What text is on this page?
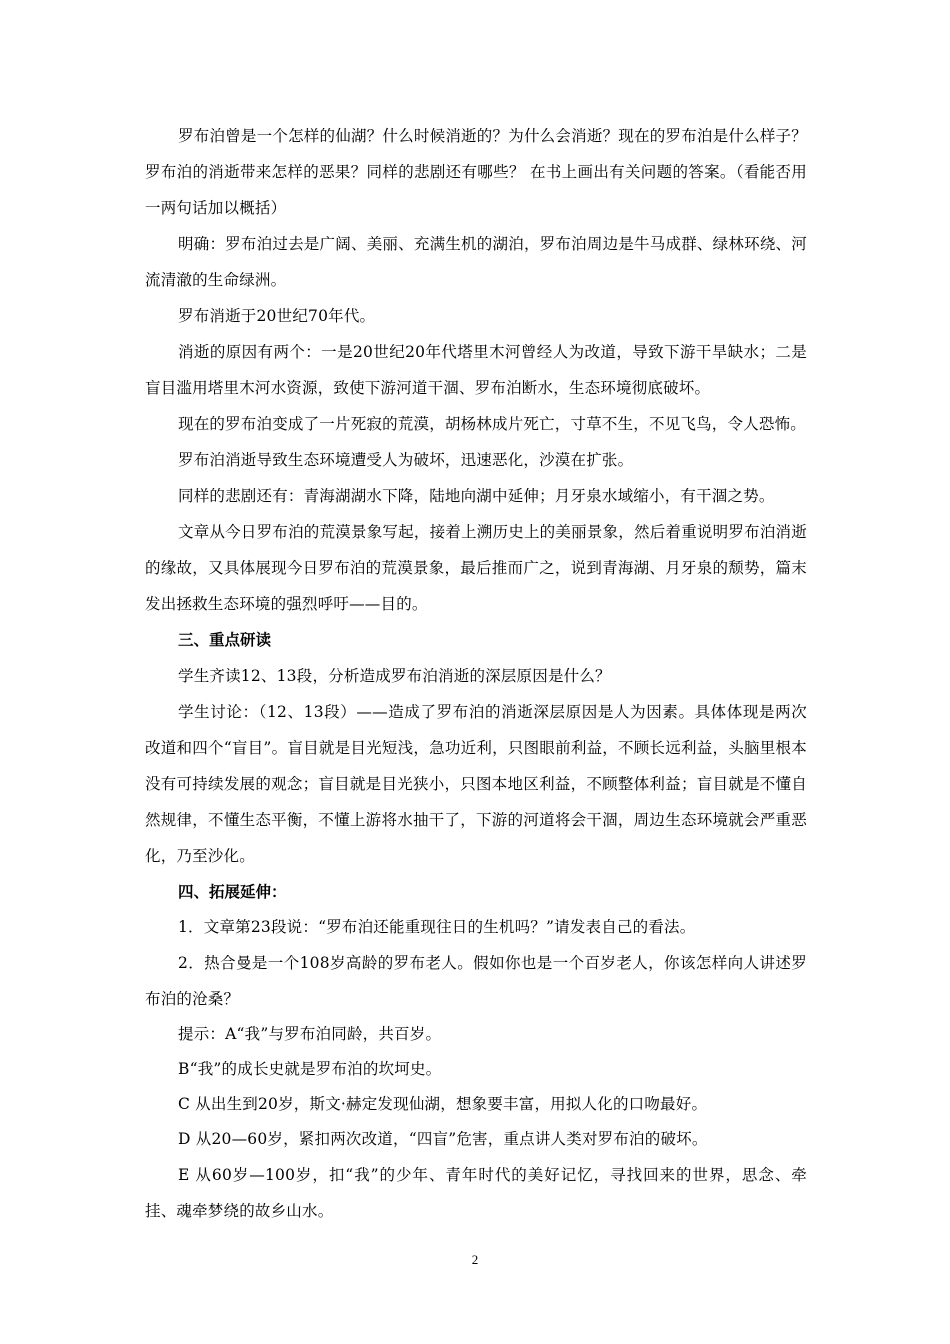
罗布泊曾是一个怎样的仙湖？什么时候消逝的？为什么会消逝？现在的罗布泊是什么样子？罗布泊的消逝带来怎样的恶果？同样的悲剧还有哪些？ 在书上画出有关问题的答案。（看能否用一两句话加以概括）

明确：罗布泊过去是广阔、美丽、充满生机的湖泊，罗布泊周边是牛马成群、绿林环绕、河流清澈的生命绿洲。

罗布消逝于20世纪70年代。

消逝的原因有两个：一是20世纪20年代塔里木河曾经人为改道，导致下游干旱缺水；二是盲目滥用塔里木河水资源，致使下游河道干涸、罗布泊断水，生态环境彻底破坏。

现在的罗布泊变成了一片死寂的荒漠，胡杨林成片死亡，寸草不生，不见飞鸟，令人恐怖。

罗布泊消逝导致生态环境遭受人为破坏，迅速恶化，沙漠在扩张。

同样的悲剧还有：青海湖湖水下降，陆地向湖中延伸；月牙泉水域缩小，有干涸之势。

文章从今日罗布泊的荒漠景象写起，接着上溯历史上的美丽景象，然后着重说明罗布泊消逝的缘故，又具体展现今日罗布泊的荒漠景象，最后推而广之，说到青海湖、月牙泉的颓势，篇末发出拯救生态环境的强烈呼吁——目的。

三、重点研读

学生齐读12、13段，分析造成罗布泊消逝的深层原因是什么？

学生讨论：（12、13段）——造成了罗布泊的消逝深层原因是人为因素。具体体现是两次改道和四个“盲目”。盲目就是目光短浅，急功近利，只图眼前利益，不顾长远利益，头脑里根本没有可持续发展的观念；盲目就是目光狭小，只图本地区利益，不顾整体利益；盲目就是不懂自然规律，不懂生态平衡，不懂上游将水抽干了，下游的河道将会干涸，周边生态环境就会严重恶化，乃至沙化。

四、拓展延伸：

1．文章第23段说：“罗布泊还能重现往日的生机吗？”请发表自己的看法。

2．热合曼是一个108岁高龄的罗布老人。假如你也是一个百岁老人，你该怎样向人讲述罗布泊的沧桑？

提示：A“我”与罗布泊同龄，共百岁。

B“我”的成长史就是罗布泊的坎坷史。

C 从出生到20岁，斯文·赫定发现仙湖，想象要丰富，用拟人化的口吻最好。

D 从20—60岁，紧扣两次改道，“四盲”危害，重点讲人类对罗布泊的破坏。

E 从60岁—100岁，扣“我”的少年、青年时代的美好记忆，寻找回来的世界，思念、牵挂、魂牵梦绕的故乡山水。

2
